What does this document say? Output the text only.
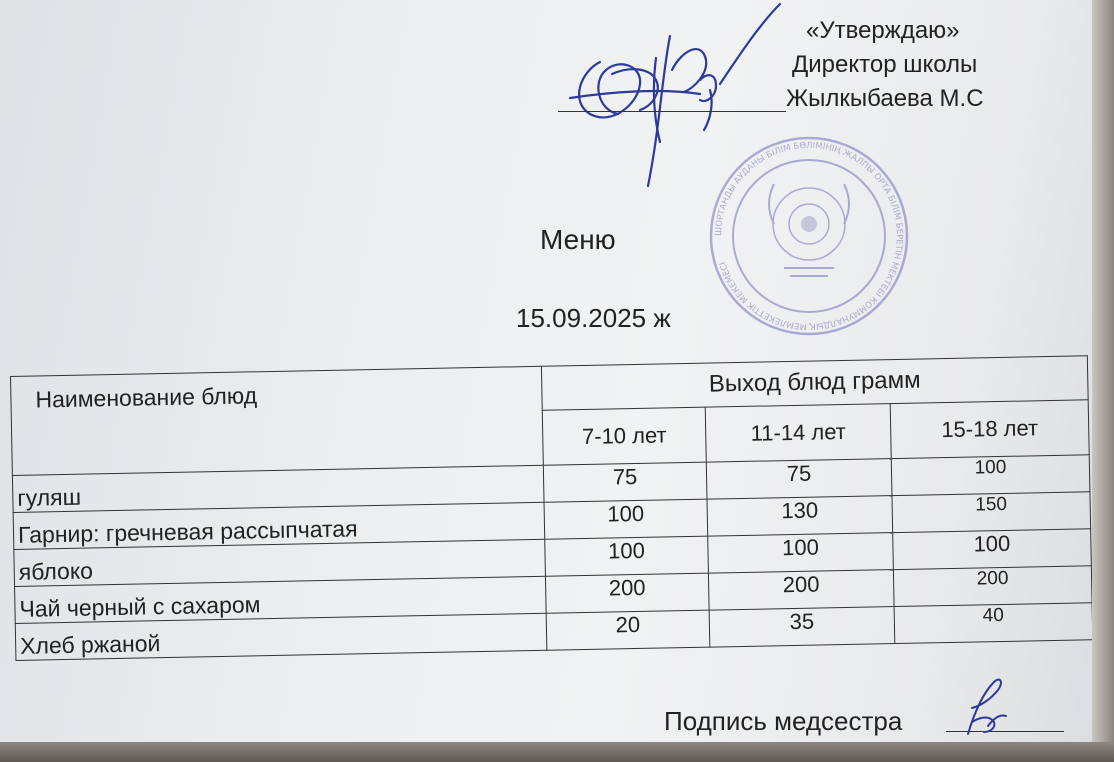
ШОРТАНДЫ АУДАНЫ БІЛІМ БӨЛІМІНІҢ ЖАЛПЫ ОРТА БІЛІМ БЕРЕТІН МЕКТЕБІ КОММУНАЛДЫҚ МЕМЛЕКЕТТІК МЕКЕМЕСІ
«Утверждаю»
Директор школы
Жылкыбаева М.С
Меню
15.09.2025 ж
Наименование блюд	Выход блюд грамм		
	7-10 лет	11-14 лет	15-18 лет
гуляш	75	75	100
Гарнир: гречневая рассыпчатая	100	130	150
яблоко	100	100	100
Чай черный с сахаром	200	200	200
Хлеб ржаной	20	35	40
Подпись медсестра
